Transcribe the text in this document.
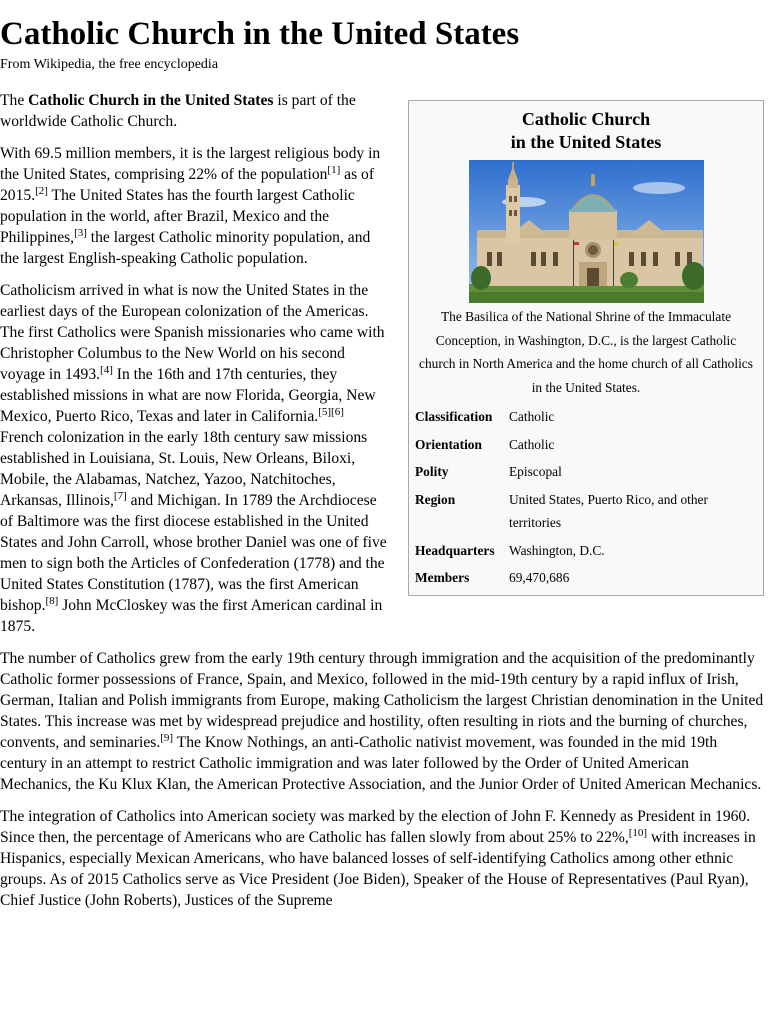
Catholic Church in the United States
From Wikipedia, the free encyclopedia
Catholic Church
in the United States
The Basilica of the National Shrine of the Immaculate Conception, in Washington, D.C., is the largest Catholic church in North America and the home church of all Catholics in the United States.
Classification	Catholic
Orientation	Catholic
Polity	Episcopal
Region	United States, Puerto Rico, and other territories
Headquarters	Washington, D.C.
Members	69,470,686

The Catholic Church in the United States is part of the worldwide Catholic Church.

With 69.5 million members, it is the largest religious body in the United States, comprising 22% of the population[1] as of 2015.[2] The United States has the fourth largest Catholic population in the world, after Brazil, Mexico and the Philippines,[3] the largest Catholic minority population, and the largest English-speaking Catholic population.

Catholicism arrived in what is now the United States in the earliest days of the European colonization of the Americas. The first Catholics were Spanish missionaries who came with Christopher Columbus to the New World on his second voyage in 1493.[4] In the 16th and 17th centuries, they established missions in what are now Florida, Georgia, New Mexico, Puerto Rico, Texas and later in California.[5][6] French colonization in the early 18th century saw missions established in Louisiana, St. Louis, New Orleans, Biloxi, Mobile, the Alabamas, Natchez, Yazoo, Natchitoches, Arkansas, Illinois,[7] and Michigan. In 1789 the Archdiocese of Baltimore was the first diocese established in the United States and John Carroll, whose brother Daniel was one of five men to sign both the Articles of Confederation (1778) and the United States Constitution (1787), was the first American bishop.[8] John McCloskey was the first American cardinal in 1875.

The number of Catholics grew from the early 19th century through immigration and the acquisition of the predominantly Catholic former possessions of France, Spain, and Mexico, followed in the mid-19th century by a rapid influx of Irish, German, Italian and Polish immigrants from Europe, making Catholicism the largest Christian denomination in the United States. This increase was met by widespread prejudice and hostility, often resulting in riots and the burning of churches, convents, and seminaries.[9] The Know Nothings, an anti-Catholic nativist movement, was founded in the mid 19th century in an attempt to restrict Catholic immigration and was later followed by the Order of United American Mechanics, the Ku Klux Klan, the American Protective Association, and the Junior Order of United American Mechanics.

The integration of Catholics into American society was marked by the election of John F. Kennedy as President in 1960. Since then, the percentage of Americans who are Catholic has fallen slowly from about 25% to 22%,[10] with increases in Hispanics, especially Mexican Americans, who have balanced losses of self-identifying Catholics among other ethnic groups. As of 2015 Catholics serve as Vice President (Joe Biden), Speaker of the House of Representatives (Paul Ryan), Chief Justice (John Roberts), Justices of the Supreme
